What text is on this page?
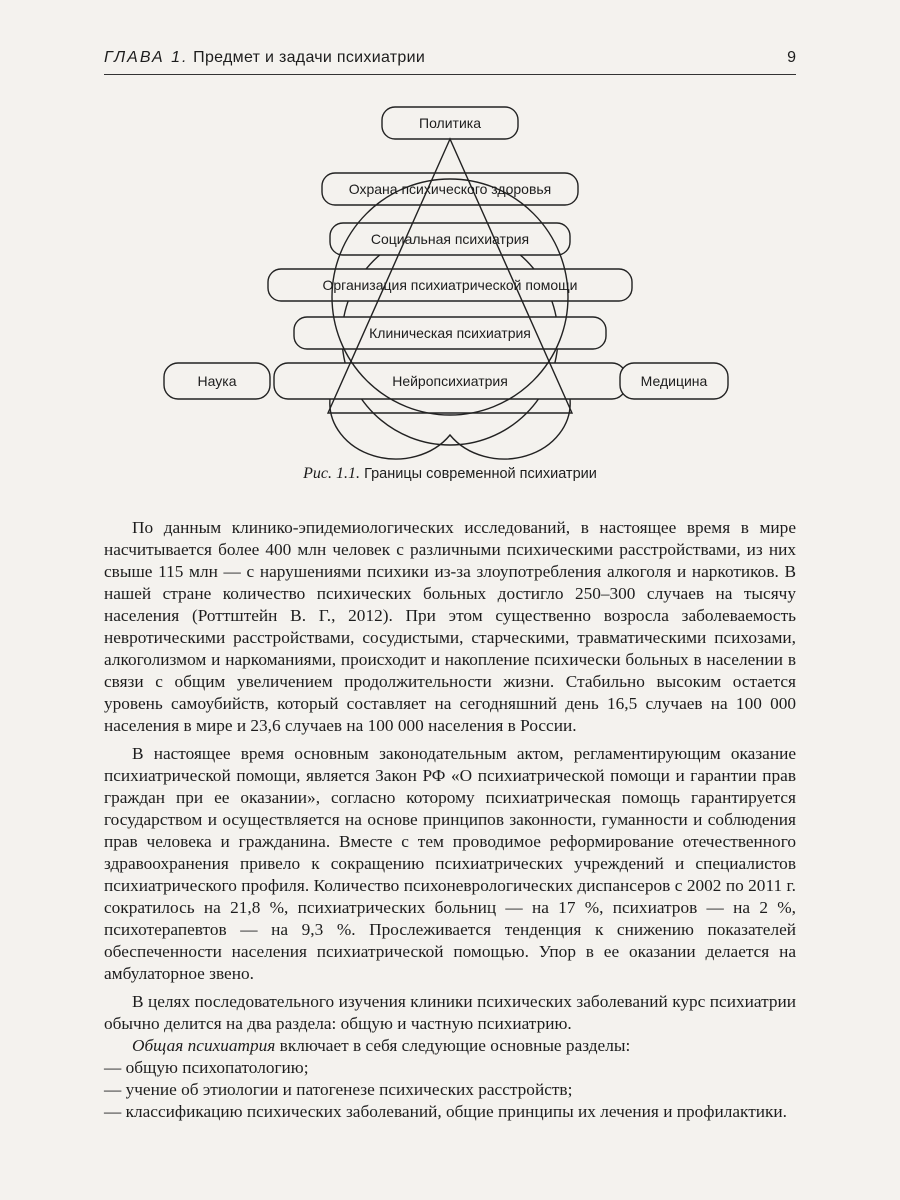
ГЛАВА 1. Предмет и задачи психиатрии	9
Политика
Охрана психического здоровья
Социальная психиатрия
Организация психиатрической помощи
Клиническая психиатрия
Наука	Нейропсихиатрия	Медицина
Рис. 1.1. Границы современной психиатрии

По данным клинико-эпидемиологических исследований, в настоящее время в мире насчитывается более 400 млн человек с различными психическими расстройствами, из них свыше 115 млн — с нарушениями психики из-за злоупотребления алкоголя и наркотиков. В нашей стране количество психических больных достигло 250–300 случаев на тысячу населения (Роттштейн В. Г., 2012). При этом существенно возросла заболеваемость невротическими расстройствами, сосудистыми, старческими, травматическими психозами, алкоголизмом и наркоманиями, происходит и накопление психически больных в населении в связи с общим увеличением продолжительности жизни. Стабильно высоким остается уровень самоубийств, который составляет на сегодняшний день 16,5 случаев на 100 000 населения в мире и 23,6 случаев на 100 000 населения в России.

В настоящее время основным законодательным актом, регламентирующим оказание психиатрической помощи, является Закон РФ «О психиатрической помощи и гарантии прав граждан при ее оказании», согласно которому психиатрическая помощь гарантируется государством и осуществляется на основе принципов законности, гуманности и соблюдения прав человека и гражданина. Вместе с тем проводимое реформирование отечественного здравоохранения привело к сокращению психиатрических учреждений и специалистов психиатрического профиля. Количество психоневрологических диспансеров с 2002 по 2011 г. сократилось на 21,8 %, психиатрических больниц — на 17 %, психиатров — на 2 %, психотерапевтов — на 9,3 %. Прослеживается тенденция к снижению показателей обеспеченности населения психиатрической помощью. Упор в ее оказании делается на амбулаторное звено.

В целях последовательного изучения клиники психических заболеваний курс психиатрии обычно делится на два раздела: общую и частную психиатрию.

Общая психиатрия включает в себя следующие основные разделы:

— общую психопатологию;

— учение об этиологии и патогенезе психических расстройств;

— классификацию психических заболеваний, общие принципы их лечения и профилактики.
